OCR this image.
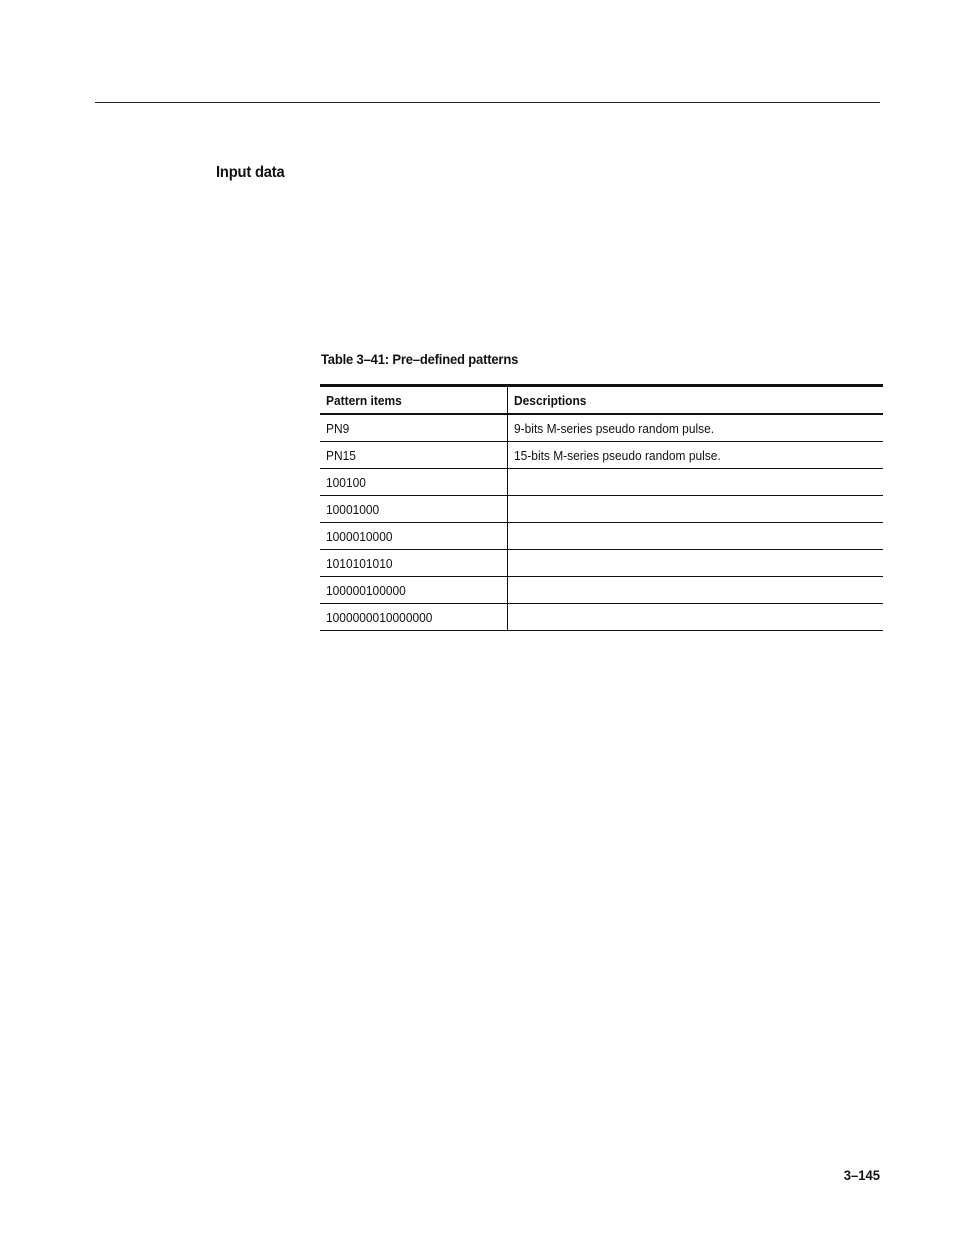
Input data
Table 3–41: Pre–defined patterns
Pattern items	Descriptions
PN9	9-bits M-series pseudo random pulse.
PN15	15-bits M-series pseudo random pulse.
100100	
10001000	
1000010000	
1010101010	
100000100000	
1000000010000000	
3–145
